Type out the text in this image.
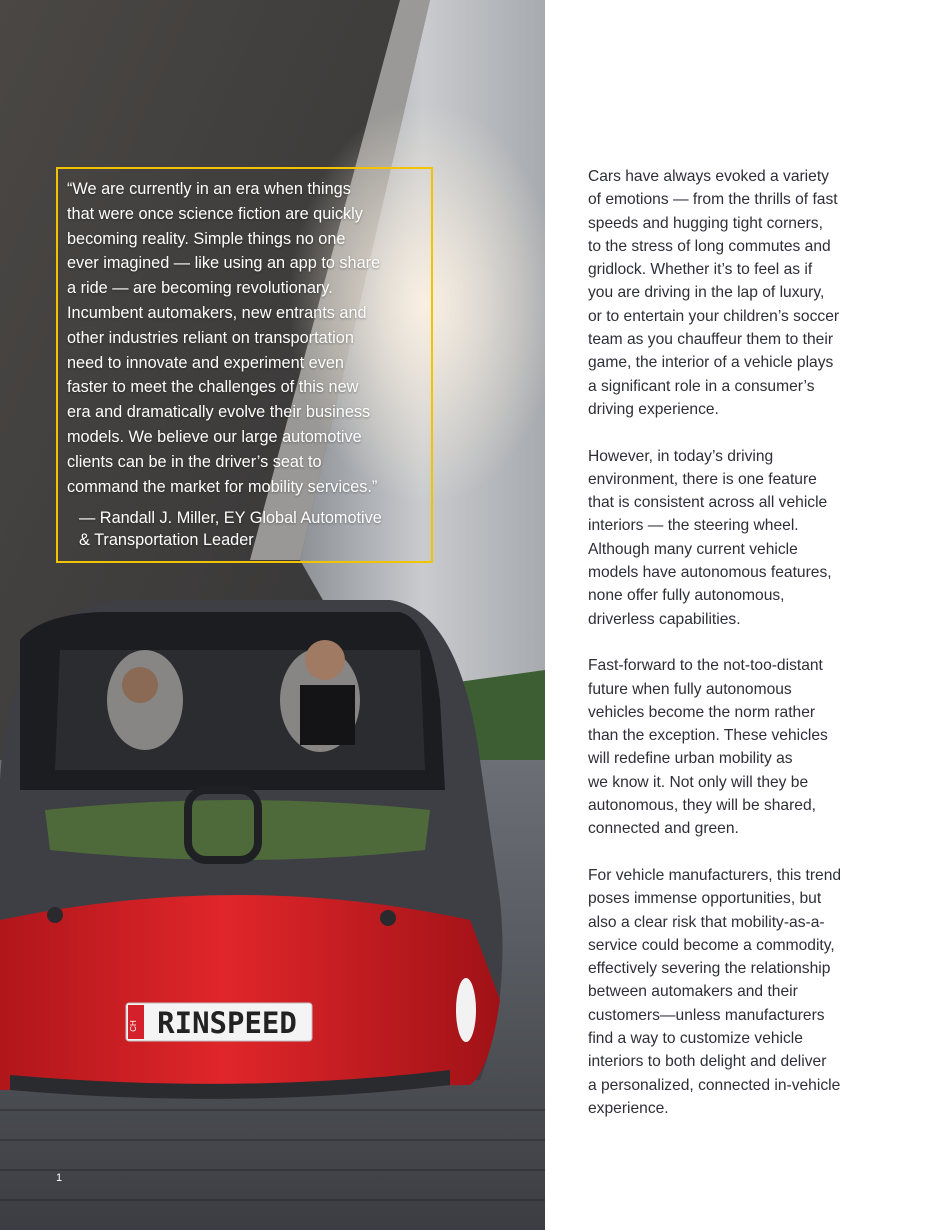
CH RINSPEED
“We are currently in an era when things
that were once science fiction are quickly
becoming reality. Simple things no one
ever imagined — like using an app to share
a ride — are becoming revolutionary.
Incumbent automakers, new entrants and
other industries reliant on transportation
need to innovate and experiment even
faster to meet the challenges of this new
era and dramatically evolve their business
models. We believe our large automotive
clients can be in the driver’s seat to
command the market for mobility services.”
— Randall J. Miller, EY Global Automotive
& Transportation Leader
1

Cars have always evoked a variety
of emotions — from the thrills of fast
speeds and hugging tight corners,
to the stress of long commutes and
gridlock. Whether it’s to feel as if
you are driving in the lap of luxury,
or to entertain your children’s soccer
team as you chauffeur them to their
game, the interior of a vehicle plays
a significant role in a consumer’s
driving experience.

However, in today’s driving
environment, there is one feature
that is consistent across all vehicle
interiors — the steering wheel.
Although many current vehicle
models have autonomous features,
none offer fully autonomous,
driverless capabilities.

Fast-forward to the not-too-distant
future when fully autonomous
vehicles become the norm rather
than the exception. These vehicles
will redefine urban mobility as
we know it. Not only will they be
autonomous, they will be shared,
connected and green.

For vehicle manufacturers, this trend
poses immense opportunities, but
also a clear risk that mobility-as-a-
service could become a commodity,
effectively severing the relationship
between automakers and their
customers—unless manufacturers
find a way to customize vehicle
interiors to both delight and deliver
a personalized, connected in-vehicle
experience.
